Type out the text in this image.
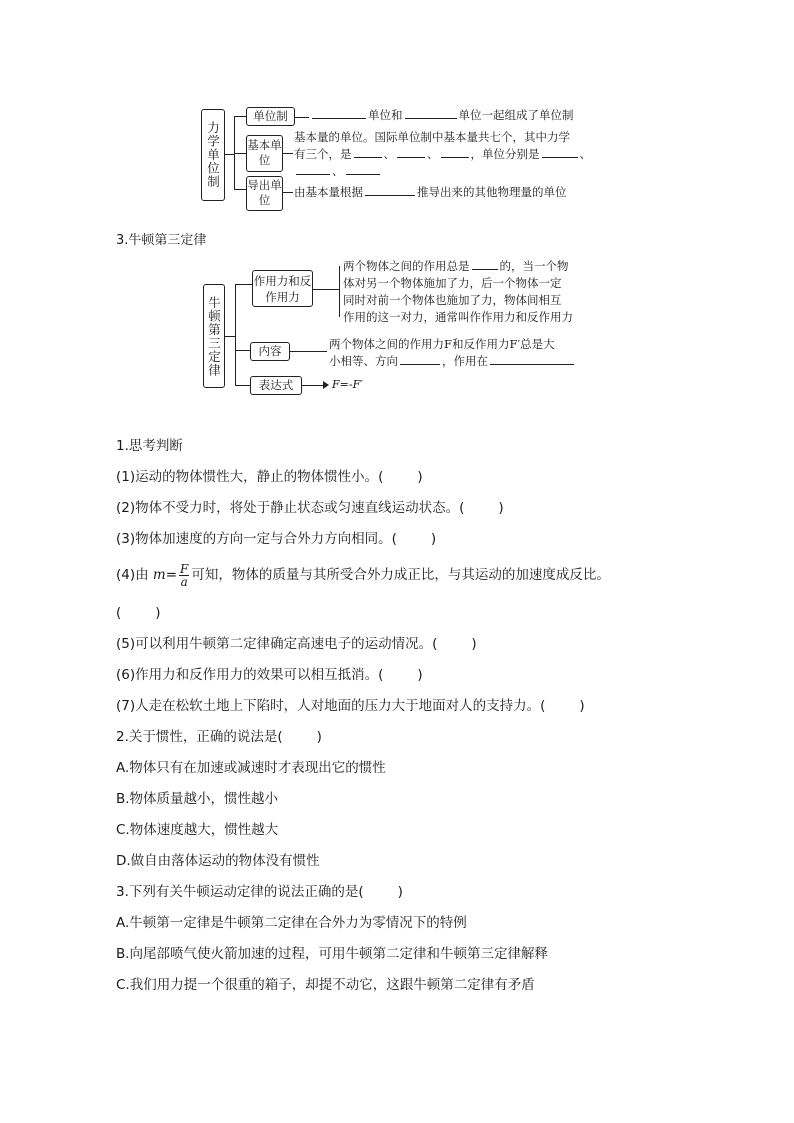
力学单位制
单位制	单位和	单位一起组成了单位制
基本单位
基本量的单位。国际单位制中基本量共七个，其中力学
有三个，是	、	、	，单位分别是	、
、
导出单位
由基本量根据	推导出来的其他物理量的单位
3.牛顿第三定律
牛顿第三定律
作用力和反作用力
两个物体之间的作用总是	的，当一个物
体对另一个物体施加了力，后一个物体一定
同时对前一个物体也施加了力，物体间相互
作用的这一对力，通常叫作作用力和反作用力
内容	两个物体之间的作用力F和反作用力F′总是大
小相等、方向	，作用在
表达式	F=-F′
1.思考判断
(1)运动的物体惯性大，静止的物体惯性小。(	)
(2)物体不受力时，将处于静止状态或匀速直线运动状态。(	)
(3)物体加速度的方向一定与合外力方向相同。(	)
(4)由 $m= \frac{F}{a}$ 可知，物体的质量与其所受合外力成正比，与其运动的加速度成反比。
(	)
(5)可以利用牛顿第二定律确定高速电子的运动情况。(	)
(6)作用力和反作用力的效果可以相互抵消。(	)
(7)人走在松软土地上下陷时，人对地面的压力大于地面对人的支持力。(	)
2.关于惯性，正确的说法是(	)
A.物体只有在加速或减速时才表现出它的惯性
B.物体质量越小，惯性越小
C.物体速度越大，惯性越大
D.做自由落体运动的物体没有惯性
3.下列有关牛顿运动定律的说法正确的是(	)
A.牛顿第一定律是牛顿第二定律在合外力为零情况下的特例
B.向尾部喷气使火箭加速的过程，可用牛顿第二定律和牛顿第三定律解释
C.我们用力提一个很重的箱子，却提不动它，这跟牛顿第二定律有矛盾
